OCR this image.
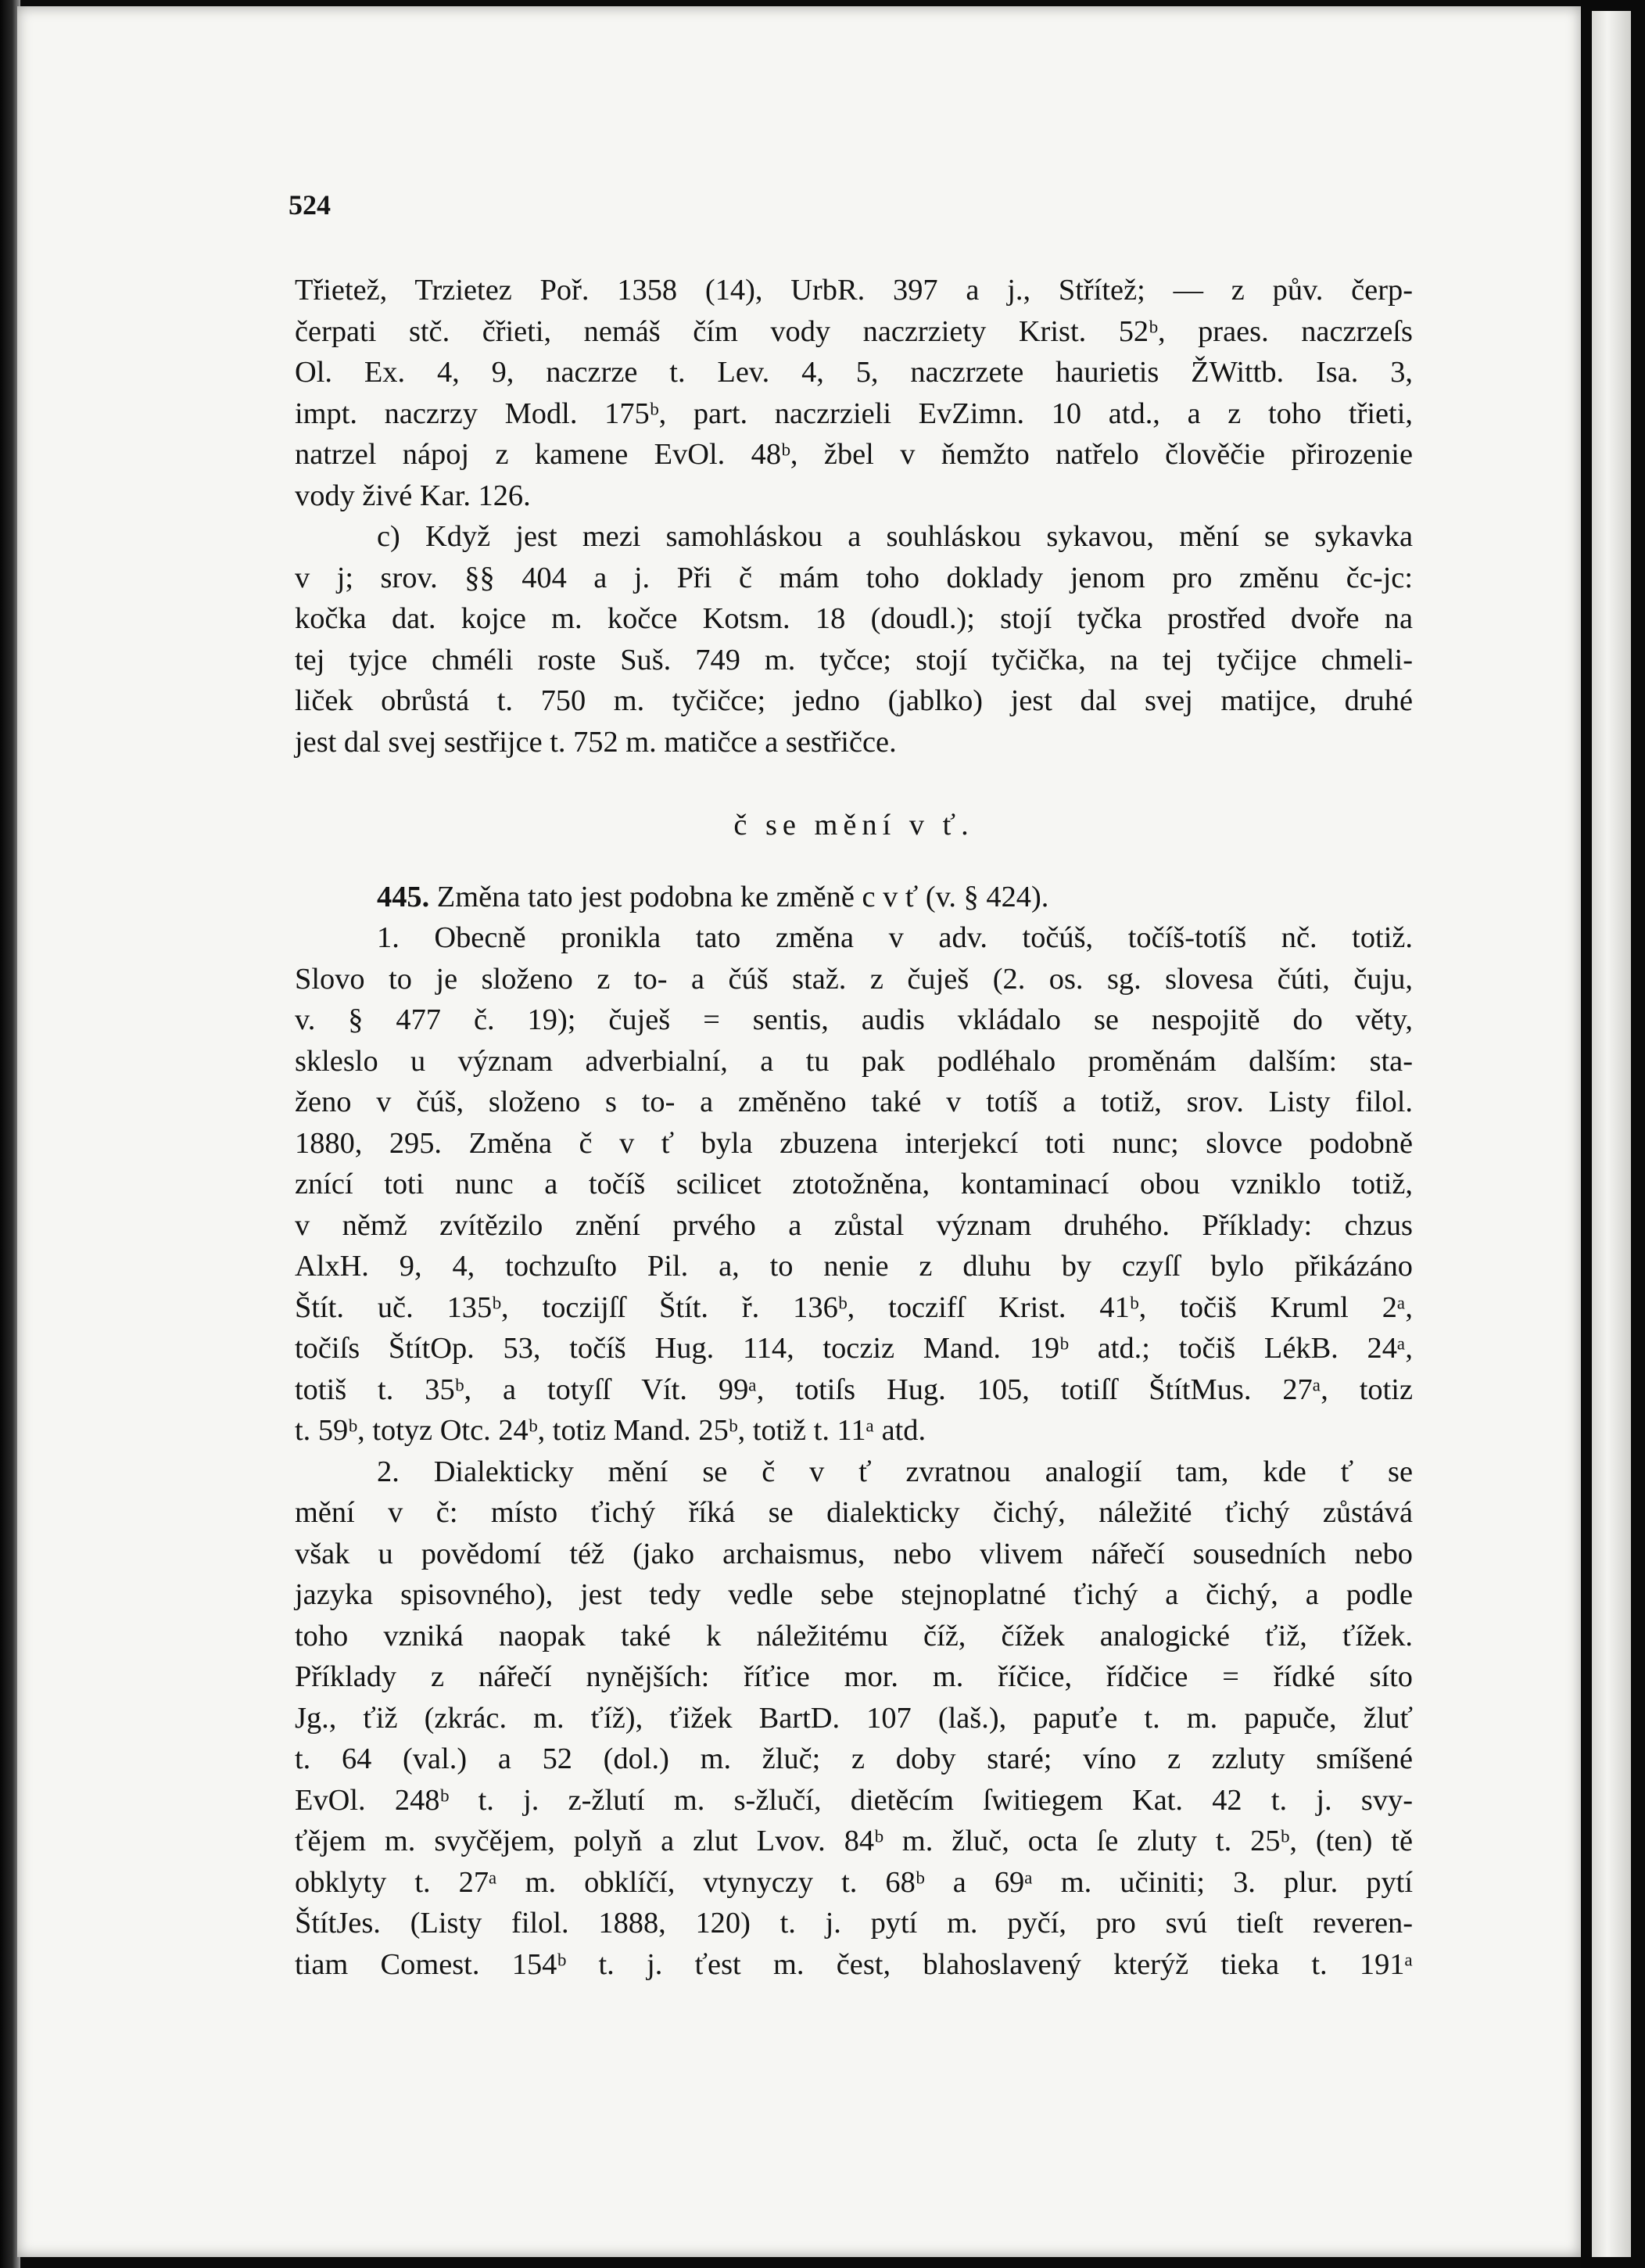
524
Třietež, Trzietez Poř. 1358 (14), UrbR. 397 a j., Střítež; — z pův. čerp-
čerpati stč. čřieti, nemáš čím vody naczrziety Krist. 52ᵇ, praes. naczrzeſs
Ol. Ex. 4, 9, naczrze t. Lev. 4, 5, naczrzete haurietis ŽWittb. Isa. 3,
impt. naczrzy Modl. 175ᵇ, part. naczrzieli EvZimn. 10 atd., a z toho třieti,
natrzel nápoj z kamene EvOl. 48ᵇ, žbel v ňemžto natřelo člověčie přirozenie
vody živé Kar. 126.
c) Když jest mezi samohláskou a souhláskou sykavou, mění se sykavka
v j; srov. §§ 404 a j. Při č mám toho doklady jenom pro změnu čc-jc:
kočka dat. kojce m. kočce Kotsm. 18 (doudl.); stojí tyčka prostřed dvoře na
tej tyjce chméli roste Suš. 749 m. tyčce; stojí tyčička, na tej tyčijce chmeli-
liček obrůstá t. 750 m. tyčičce; jedno (jablko) jest dal svej matijce, druhé
jest dal svej sestřijce t. 752 m. matičce a sestřičce.
č se mění v ť.
445. Změna tato jest podobna ke změně c v ť (v. § 424).
1. Obecně pronikla tato změna v adv. točúš, točíš-totíš nč. totiž.
Slovo to je složeno z to- a čúš staž. z čuješ (2. os. sg. slovesa čúti, čuju,
v. § 477 č. 19); čuješ = sentis, audis vkládalo se nespojitě do věty,
skleslo u význam adverbialní, a tu pak podléhalo proměnám dalším: sta-
ženo v čúš, složeno s to- a změněno také v totíš a totiž, srov. Listy filol.
1880, 295. Změna č v ť byla zbuzena interjekcí toti nunc; slovce podobně
znící toti nunc a točíš scilicet ztotožněna, kontaminací obou vzniklo totiž,
v němž zvítězilo znění prvého a zůstal význam druhého. Příklady: chzus
AlxH. 9, 4, tochzuſto Pil. a, to nenie z dluhu by czyſſ bylo přikázáno
Štít. uč. 135ᵇ, toczijſſ Štít. ř. 136ᵇ, toczifſ Krist. 41ᵇ, točiš Kruml 2ᵃ,
točiſs ŠtítOp. 53, točíš Hug. 114, tocziz Mand. 19ᵇ atd.; točiš LékB. 24ᵃ,
totiš t. 35ᵇ, a totyſſ Vít. 99ᵃ, totiſs Hug. 105, totiſſ ŠtítMus. 27ᵃ, totiz
t. 59ᵇ, totyz Otc. 24ᵇ, totiz Mand. 25ᵇ, totiž t. 11ᵃ atd.
2. Dialekticky mění se č v ť zvratnou analogií tam, kde ť se
mění v č: místo ťichý říká se dialekticky čichý, náležité ťichý zůstává
však u povědomí též (jako archaismus, nebo vlivem nářečí sousedních nebo
jazyka spisovného), jest tedy vedle sebe stejnoplatné ťichý a čichý, a podle
toho vzniká naopak také k náležitému číž, čížek analogické ťiž, ťížek.
Příklady z nářečí nynějších: říťice mor. m. říčice, řídčice = řídké síto
Jg., ťiž (zkrác. m. ťíž), ťižek BartD. 107 (laš.), papuťe t. m. papuče, žluť
t. 64 (val.) a 52 (dol.) m. žluč; z doby staré; víno z zzluty smíšené
EvOl. 248ᵇ t. j. z-žlutí m. s-žlučí, dietěcím ſwitiegem Kat. 42 t. j. svy-
ťějem m. svyčějem, polyň a zlut Lvov. 84ᵇ m. žluč, octa ſe zluty t. 25ᵇ, (ten) tě
obklyty t. 27ᵃ m. obklíčí, vtynyczy t. 68ᵇ a 69ᵃ m. učiniti; 3. plur. pytí
ŠtítJes. (Listy filol. 1888, 120) t. j. pytí m. pyčí, pro svú tieſt reveren-
tiam Comest. 154ᵇ t. j. ťest m. čest, blahoslavený kterýž tieka t. 191ᵃ
